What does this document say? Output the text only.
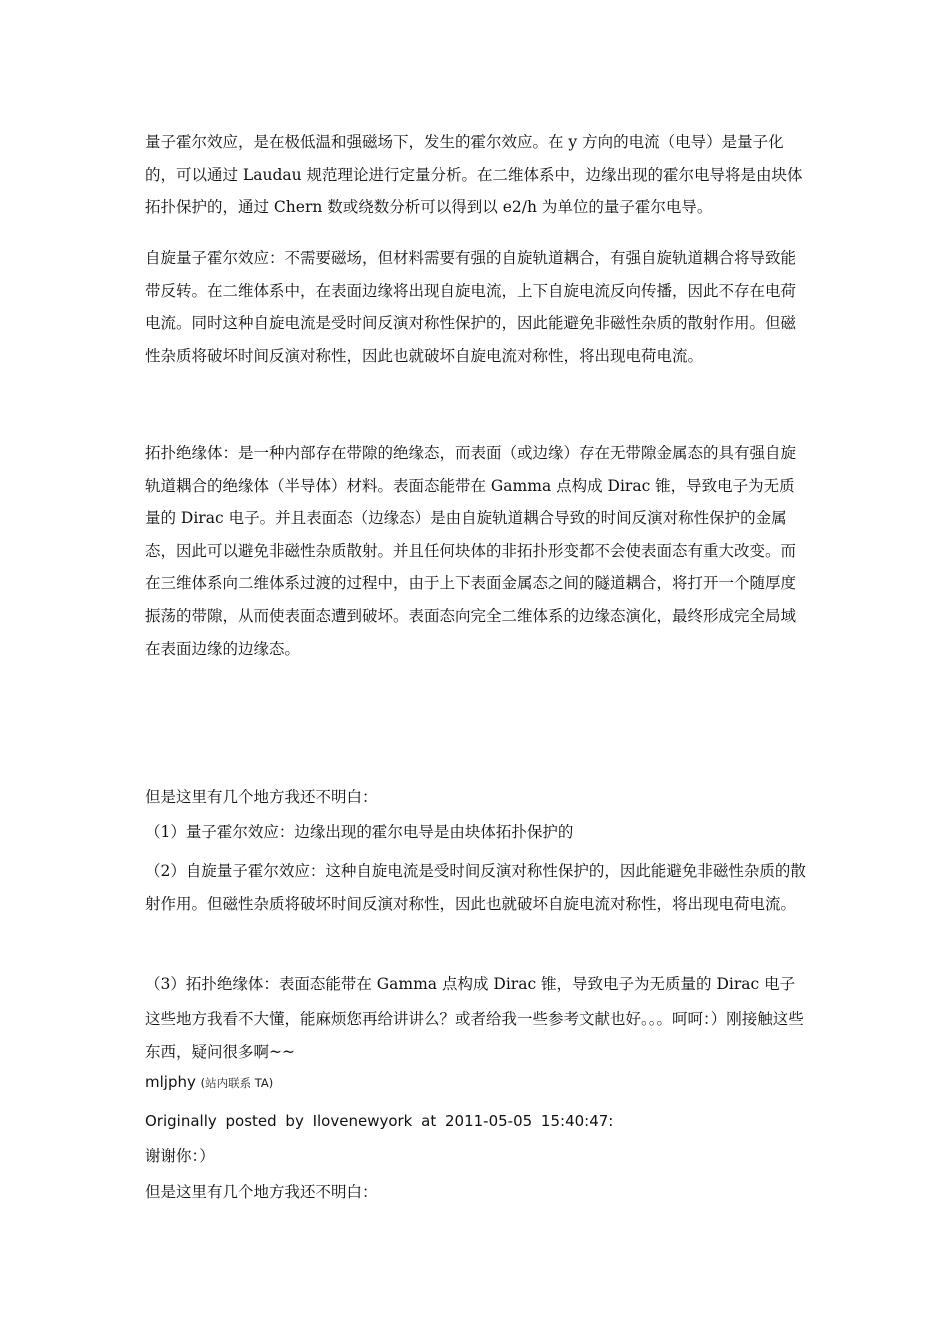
量子霍尔效应，是在极低温和强磁场下，发生的霍尔效应。在 y 方向的电流（电导）是量子化的，可以通过 Laudau 规范理论进行定量分析。在二维体系中，边缘出现的霍尔电导将是由块体拓扑保护的，通过 Chern 数或绕数分析可以得到以 e2/h 为单位的量子霍尔电导。

自旋量子霍尔效应：不需要磁场，但材料需要有强的自旋轨道耦合，有强自旋轨道耦合将导致能带反转。在二维体系中，在表面边缘将出现自旋电流，上下自旋电流反向传播，因此不存在电荷电流。同时这种自旋电流是受时间反演对称性保护的，因此能避免非磁性杂质的散射作用。但磁性杂质将破坏时间反演对称性，因此也就破坏自旋电流对称性，将出现电荷电流。

拓扑绝缘体：是一种内部存在带隙的绝缘态，而表面（或边缘）存在无带隙金属态的具有强自旋轨道耦合的绝缘体（半导体）材料。表面态能带在 Gamma 点构成 Dirac 锥，导致电子为无质量的 Dirac 电子。并且表面态（边缘态）是由自旋轨道耦合导致的时间反演对称性保护的金属态，因此可以避免非磁性杂质散射。并且任何块体的非拓扑形变都不会使表面态有重大改变。而在三维体系向二维体系过渡的过程中，由于上下表面金属态之间的隧道耦合，将打开一个随厚度振荡的带隙，从而使表面态遭到破坏。表面态向完全二维体系的边缘态演化，最终形成完全局域在表面边缘的边缘态。

但是这里有几个地方我还不明白：

（1）量子霍尔效应：边缘出现的霍尔电导是由块体拓扑保护的

（2）自旋量子霍尔效应：这种自旋电流是受时间反演对称性保护的，因此能避免非磁性杂质的散射作用。但磁性杂质将破坏时间反演对称性，因此也就破坏自旋电流对称性，将出现电荷电流。

（3）拓扑绝缘体：表面态能带在 Gamma 点构成 Dirac 锥，导致电子为无质量的 Dirac 电子

这些地方我看不大懂，能麻烦您再给讲讲么？或者给我一些参考文献也好。。。呵呵：）刚接触这些东西，疑问很多啊~~

mljphy (站内联系 TA)
Originally posted by Ilovenewyork at 2011-05-05 15:40:47:

谢谢你：）

但是这里有几个地方我还不明白：
